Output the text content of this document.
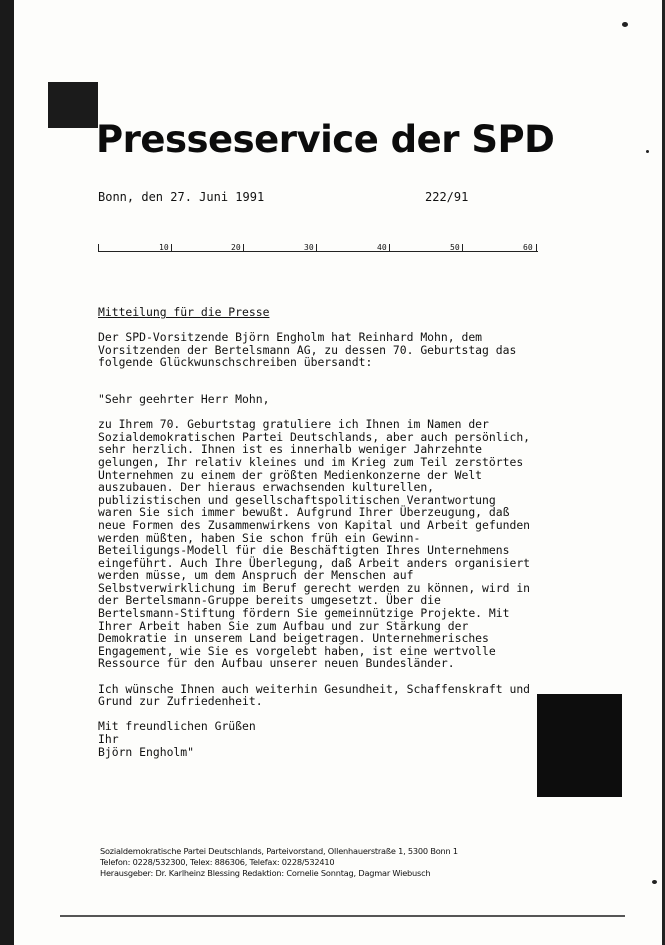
Presseservice der SPD
Bonn, den 27. Juni 1991	222/91
10	20	30	40	50	60

Mitteilung für die Presse

Der SPD-Vorsitzende Björn Engholm hat Reinhard Mohn, dem
Vorsitzenden der Bertelsmann AG, zu dessen 70. Geburtstag das
folgende Glückwunschschreiben übersandt:

"Sehr geehrter Herr Mohn,

zu Ihrem 70. Geburtstag gratuliere ich Ihnen im Namen der
Sozialdemokratischen Partei Deutschlands, aber auch persönlich,
sehr herzlich. Ihnen ist es innerhalb weniger Jahrzehnte
gelungen, Ihr relativ kleines und im Krieg zum Teil zerstörtes
Unternehmen zu einem der größten Medienkonzerne der Welt
auszubauen. Der hieraus erwachsenden kulturellen,
publizistischen und gesellschaftspolitischen Verantwortung
waren Sie sich immer bewußt. Aufgrund Ihrer Überzeugung, daß
neue Formen des Zusammenwirkens von Kapital und Arbeit gefunden
werden müßten, haben Sie schon früh ein Gewinn-
Beteiligungs-Modell für die Beschäftigten Ihres Unternehmens
eingeführt. Auch Ihre Überlegung, daß Arbeit anders organisiert
werden müsse, um dem Anspruch der Menschen auf
Selbstverwirklichung im Beruf gerecht werden zu können, wird in
der Bertelsmann-Gruppe bereits umgesetzt. Über die
Bertelsmann-Stiftung fördern Sie gemeinnützige Projekte. Mit
Ihrer Arbeit haben Sie zum Aufbau und zur Stärkung der
Demokratie in unserem Land beigetragen. Unternehmerisches
Engagement, wie Sie es vorgelebt haben, ist eine wertvolle
Ressource für den Aufbau unserer neuen Bundesländer.

Ich wünsche Ihnen auch weiterhin Gesundheit, Schaffenskraft und
Grund zur Zufriedenheit.

Mit freundlichen Grüßen
Ihr
Björn Engholm"

Sozialdemokratische Partei Deutschlands, Parteivorstand, Ollenhauerstraße 1, 5300 Bonn 1
Telefon: 0228/532300, Telex: 886306, Telefax: 0228/532410
Herausgeber: Dr. Karlheinz Blessing Redaktion: Cornelie Sonntag, Dagmar Wiebusch
